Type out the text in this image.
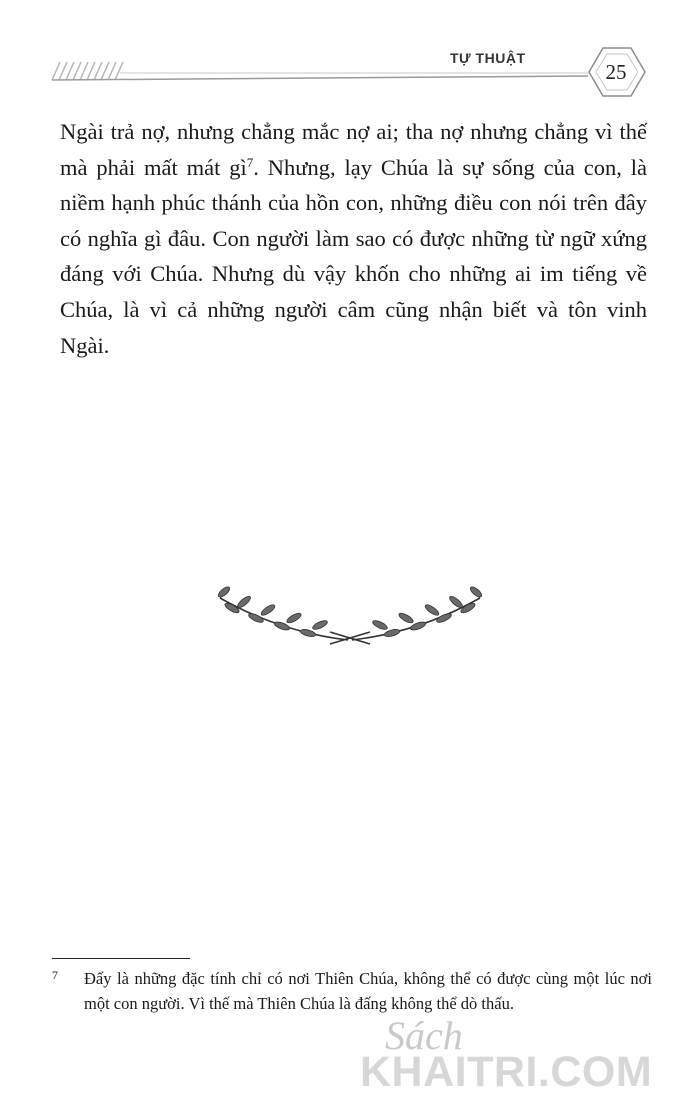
TỰ THUẬT
25

Ngài trả nợ, nhưng chẳng mắc nợ ai; tha nợ nhưng chẳng vì thế mà phải mất mát $gì^7$. Nhưng, lạy Chúa là sự sống của con, là niềm hạnh phúc thánh của hồn con, những điều con nói trên đây có nghĩa gì đâu. Con người làm sao có được những từ ngữ xứng đáng với Chúa. Nhưng dù vậy khốn cho những ai im tiếng về Chúa, là vì cả những người câm cũng nhận biết và tôn vinh Ngài.

7 Đấy là những đặc tính chỉ có nơi Thiên Chúa, không thể có được cùng một lúc nơi một con người. Vì thế mà Thiên Chúa là đấng không thể dò thấu.
Sách
KHAITRI.COM
